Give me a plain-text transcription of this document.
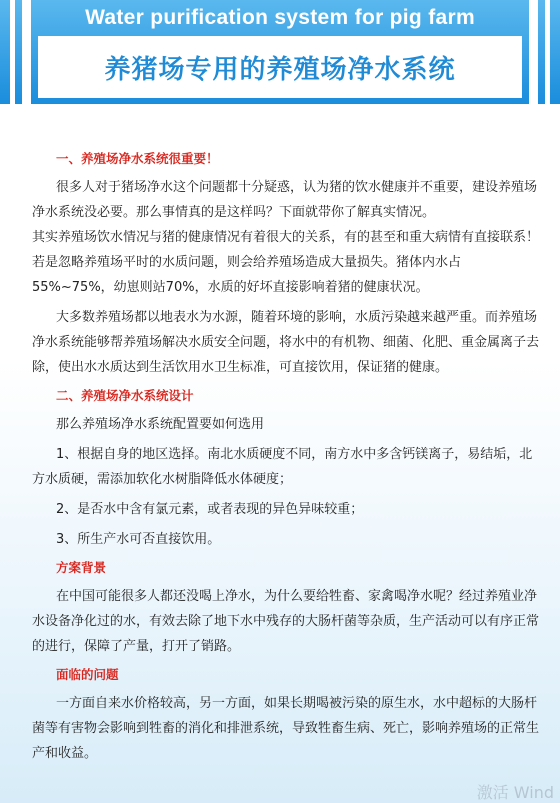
Water purification system for pig farm
养猪场专用的养殖场净水系统
一、养殖场净水系统很重要！

很多人对于猪场净水这个问题都十分疑惑，认为猪的饮水健康并不重要，建设养殖场净水系统没必要。那么事情真的是这样吗？下面就带你了解真实情况。

其实养殖场饮水情况与猪的健康情况有着很大的关系，有的甚至和重大病情有直接联系！若是忽略养殖场平时的水质问题，则会给养殖场造成大量损失。猪体内水占55%~75%，幼崽则站70%，水质的好坏直接影响着猪的健康状况。

大多数养殖场都以地表水为水源，随着环境的影响，水质污染越来越严重。而养殖场净水系统能够帮养殖场解决水质安全问题，将水中的有机物、细菌、化肥、重金属离子去除，使出水水质达到生活饮用水卫生标准，可直接饮用，保证猪的健康。

二、养殖场净水系统设计

那么养殖场净水系统配置要如何选用

1、根据自身的地区选择。南北水质硬度不同，南方水中多含钙镁离子，易结垢，北方水质硬，需添加软化水树脂降低水体硬度；

2、是否水中含有氯元素，或者表现的异色异味较重；

3、所生产水可否直接饮用。

方案背景

在中国可能很多人都还没喝上净水，为什么要给牲畜、家禽喝净水呢？经过养殖业净水设备净化过的水，有效去除了地下水中残存的大肠杆菌等杂质，生产活动可以有序正常的进行，保障了产量，打开了销路。

面临的问题

一方面自来水价格较高，另一方面，如果长期喝被污染的原生水，水中超标的大肠杆菌等有害物会影响到牲畜的消化和排泄系统，导致牲畜生病、死亡，影响养殖场的正常生产和收益。

激活 Wind
